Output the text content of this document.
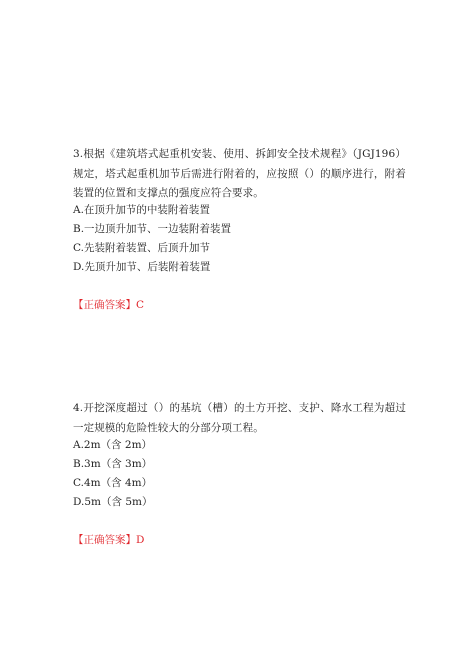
3.根据《建筑塔式起重机安装、使用、拆卸安全技术规程》（JGJ196）规定，塔式起重机加节后需进行附着的，应按照（）的顺序进行，附着装置的位置和支撑点的强度应符合要求。

A.在顶升加节的中装附着装置

B.一边顶升加节、一边装附着装置

C.先装附着装置、后顶升加节

D.先顶升加节、后装附着装置

【正确答案】C

4.开挖深度超过（）的基坑（槽）的土方开挖、支护、降水工程为超过一定规模的危险性较大的分部分项工程。

A.2m（含 2m）

B.3m（含 3m）

C.4m（含 4m）

D.5m（含 5m）

【正确答案】D
